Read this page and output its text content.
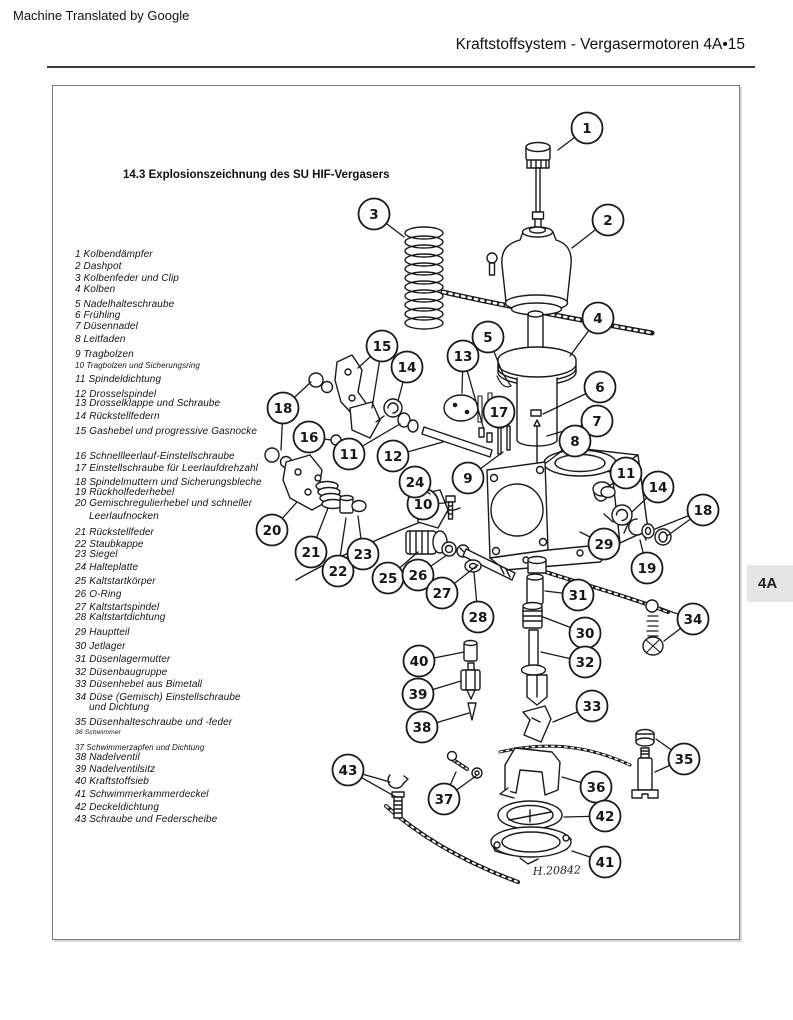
Machine Translated by Google
Kraftstoffsystem - Vergasermotoren 4A•15
14.3 Explosionszeichnung des SU HIF-Vergasers
4A
1 Kolbendämpfer
2 Dashpot
3 Kolbenfeder und Clip
4 Kolben
5 Nadelhalteschraube
6 Frühling
7 Düsennadel
8 Leitfaden
9 Tragbolzen
10 Tragbolzen und Sicherungsring
11 Spindeldichtung
12 Drosselspindel
13 Drosselklappe und Schraube
14 Rückstellfedern
15 Gashebel und progressive Gasnocke
16 Schnellleerlauf-Einstellschraube
17 Einstellschraube für Leerlaufdrehzahl
18 Spindelmuttern und Sicherungsbleche
19 Rückholfederhebel
20 Gemischregulierhebel und schneller
Leerlaufnocken
21 Rückstellfeder
22 Staubkappe
23 Siegel
24 Halteplatte
25 Kaltstartkörper
26 O-Ring
27 Kaltstartspindel
28 Kaltstartdichtung
29 Hauptteil
30 Jetlager
31 Düsenlagermutter
32 Düsenbaugruppe
33 Düsenhebel aus Bimetall
34 Düse (Gemisch) Einstellschraube
und Dichtung
35 Düsenhalteschraube und -feder
36 Schwimmer
37 Schwimmerzapfen und Dichtung
38 Nadelventil
39 Nadelventilsitz
40 Kraftstoffsieb
41 Schwimmerkammerdeckel
42 Deckeldichtung
43 Schraube und Federscheibe
H.20842
1
2
3
4
5
6
7
8
9
10
11
11
12
13
14
14
15
16
17
18
18
19
20
21
22
23
24
25 26
27
28
29
30
31
32
33
34
35
36
37
38
39
40
41
42
43
